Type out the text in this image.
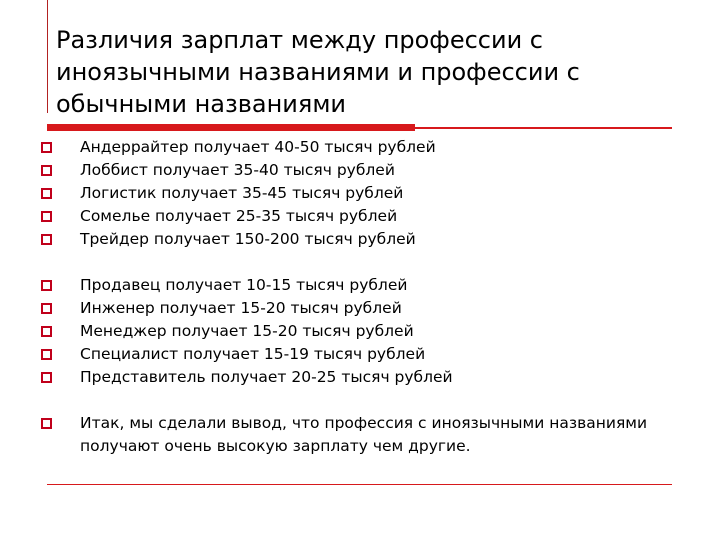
Различия зарплат между профессии с
иноязычными названиями и профессии с
обычными названиями
Андеррайтер получает 40-50 тысяч рублей
Лоббист получает 35-40 тысяч рублей
Логистик получает 35-45 тысяч рублей
Сомелье получает 25-35 тысяч рублей
Трейдер получает 150-200 тысяч рублей
Продавец получает 10-15 тысяч рублей
Инженер получает 15-20 тысяч рублей
Менеджер получает 15-20 тысяч рублей
Специалист получает 15-19 тысяч рублей
Представитель получает 20-25 тысяч рублей
Итак, мы сделали вывод, что профессия с иноязычными названиями получают очень высокую зарплату чем другие.
